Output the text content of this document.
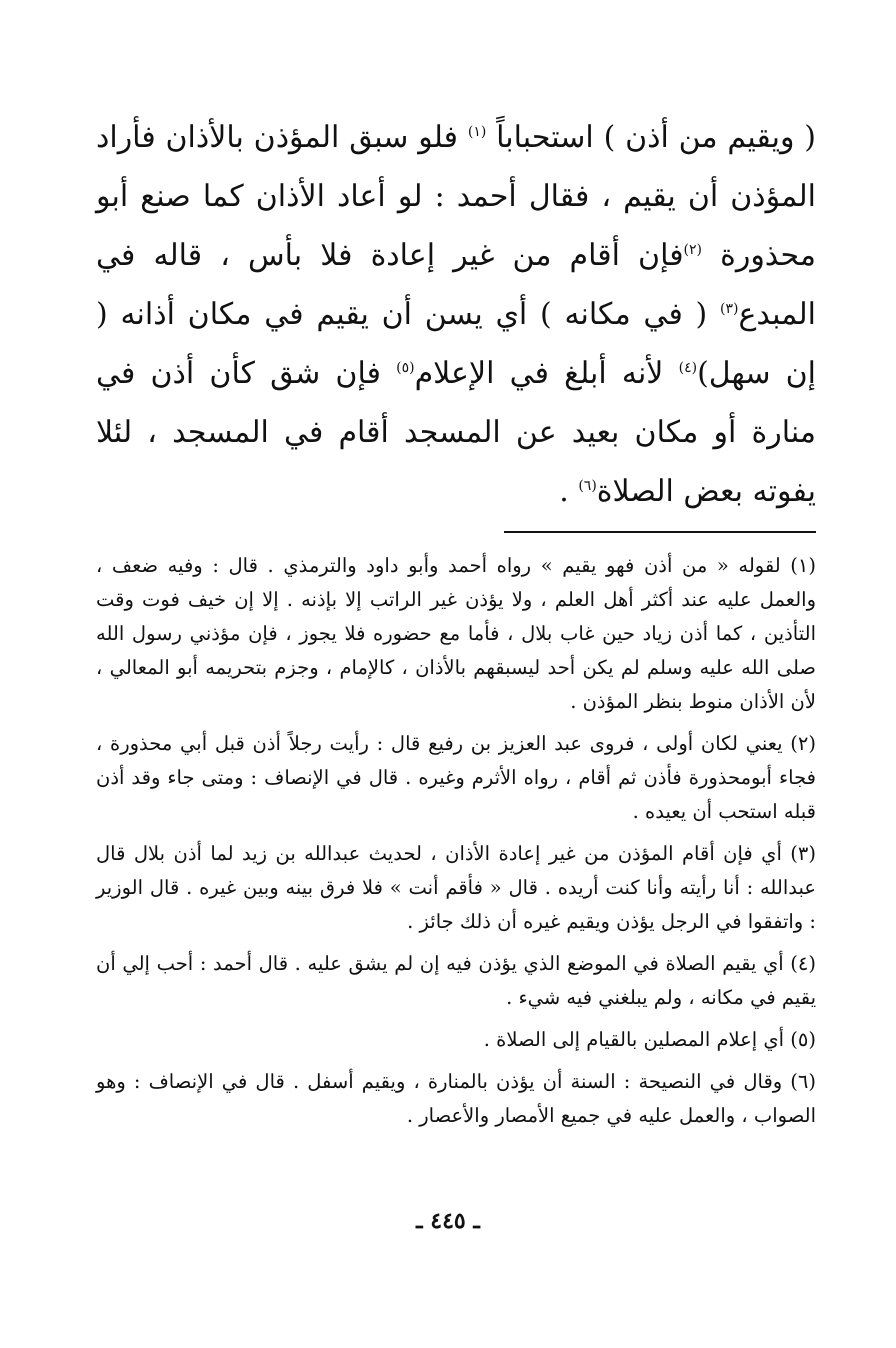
( ويقيم من أذن ) استحباباً $^{(١)}$ فلو سبق المؤذن بالأذان فأراد المؤذن أن يقيم ، فقال أحمد : لو أعاد الأذان كما صنع أبو محذورة $^{(٢)}$فإن أقام من غير إعادة فلا بأس ، قاله في المبدع$^{(٣)}$ ( في مكانه ) أي يسن أن يقيم في مكان أذانه ( إن سهل)$^{(٤)}$ لأنه أبلغ في الإعلام$^{(٥)}$ فإن شق كأن أذن في منارة أو مكان بعيد عن المسجد أقام في المسجد ، لئلا يفوته بعض الصلاة$^{(٦)}$ .

(١) لقوله « من أذن فهو يقيم » رواه أحمد وأبو داود والترمذي . قال : وفيه ضعف ، والعمل عليه عند أكثر أهل العلم ، ولا يؤذن غير الراتب إلا بإذنه . إلا إن خيف فوت وقت التأذين ، كما أذن زياد حين غاب بلال ، فأما مع حضوره فلا يجوز ، فإن مؤذني رسول الله صلى الله عليه وسلم لم يكن أحد ليسبقهم بالأذان ، كالإمام ، وجزم بتحريمه أبو المعالي ، لأن الأذان منوط بنظر المؤذن .

(٢) يعني لكان أولى ، فروى عبد العزيز بن رفيع قال : رأيت رجلاً أذن قبل أبي محذورة ، فجاء أبومحذورة فأذن ثم أقام ، رواه الأثرم وغيره . قال في الإنصاف : ومتى جاء وقد أذن قبله استحب أن يعيده .

(٣) أي فإن أقام المؤذن من غير إعادة الأذان ، لحديث عبدالله بن زيد لما أذن بلال قال عبدالله : أنا رأيته وأنا كنت أريده . قال « فأقم أنت » فلا فرق بينه وبين غيره . قال الوزير : واتفقوا في الرجل يؤذن ويقيم غيره أن ذلك جائز .

(٤) أي يقيم الصلاة في الموضع الذي يؤذن فيه إن لم يشق عليه . قال أحمد : أحب إلي أن يقيم في مكانه ، ولم يبلغني فيه شيء .

(٥) أي إعلام المصلين بالقيام إلى الصلاة .

(٦) وقال في النصيحة : السنة أن يؤذن بالمنارة ، ويقيم أسفل . قال في الإنصاف : وهو الصواب ، والعمل عليه في جميع الأمصار والأعصار .

ـ ٤٤٥ ـ
